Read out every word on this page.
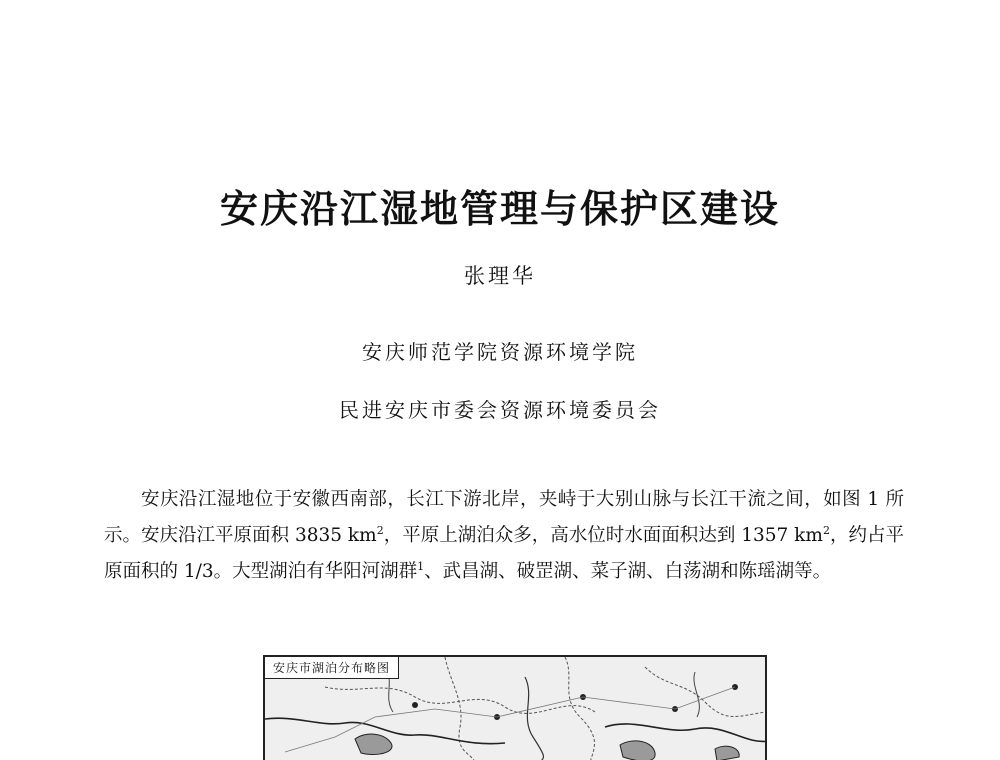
安庆沿江湿地管理与保护区建设
张理华
安庆师范学院资源环境学院
民进安庆市委会资源环境委员会

安庆沿江湿地位于安徽西南部，长江下游北岸，夹峙于大别山脉与长江干流之间，如图 1 所示。安庆沿江平原面积 3835 $km^2$，平原上湖泊众多，高水位时水面面积达到 1357 $km^2$，约占平原面积的 1/3。大型湖泊有华阳河湖群$^1$、武昌湖、破罡湖、菜子湖、白荡湖和陈瑶湖等。

安庆市湖泊分布略图
